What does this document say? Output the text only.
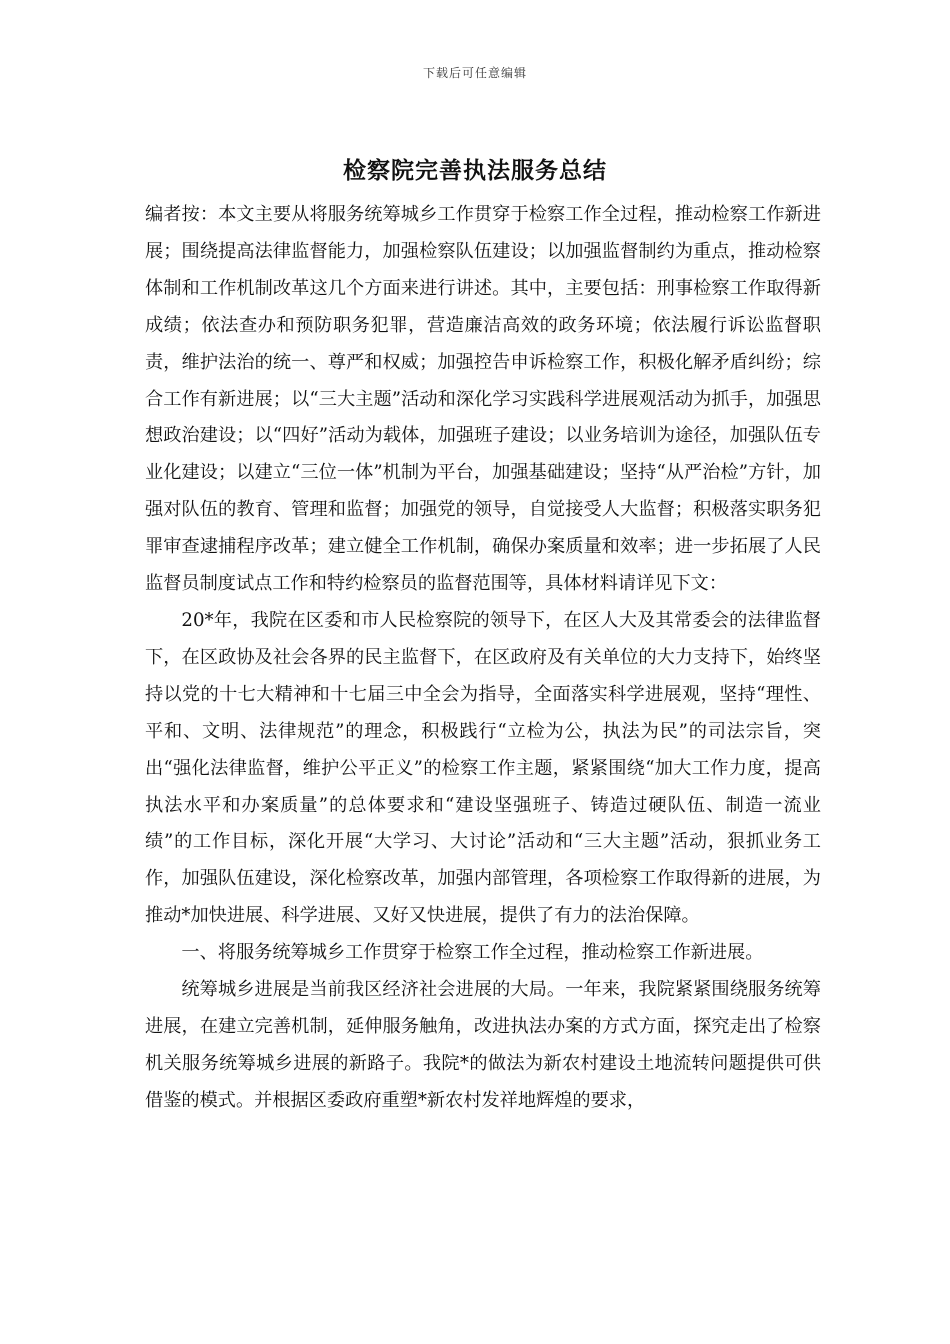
下载后可任意编辑
检察院完善执法服务总结

编者按：本文主要从将服务统筹城乡工作贯穿于检察工作全过程，推动检察工作新进展；围绕提高法律监督能力，加强检察队伍建设；以加强监督制约为重点，推动检察体制和工作机制改革这几个方面来进行讲述。其中，主要包括：刑事检察工作取得新成绩；依法查办和预防职务犯罪，营造廉洁高效的政务环境；依法履行诉讼监督职责，维护法治的统一、尊严和权威；加强控告申诉检察工作，积极化解矛盾纠纷；综合工作有新进展；以“三大主题”活动和深化学习实践科学进展观活动为抓手，加强思想政治建设；以“四好”活动为载体，加强班子建设；以业务培训为途径，加强队伍专业化建设；以建立“三位一体”机制为平台，加强基础建设；坚持“从严治检”方针，加强对队伍的教育、管理和监督；加强党的领导，自觉接受人大监督；积极落实职务犯罪审查逮捕程序改革；建立健全工作机制，确保办案质量和效率；进一步拓展了人民监督员制度试点工作和特约检察员的监督范围等，具体材料请详见下文：

20*年，我院在区委和市人民检察院的领导下，在区人大及其常委会的法律监督下，在区政协及社会各界的民主监督下，在区政府及有关单位的大力支持下，始终坚持以党的十七大精神和十七届三中全会为指导，全面落实科学进展观，坚持“理性、平和、文明、法律规范”的理念，积极践行“立检为公，执法为民”的司法宗旨，突出“强化法律监督，维护公平正义”的检察工作主题，紧紧围绕“加大工作力度，提高执法水平和办案质量”的总体要求和“建设坚强班子、铸造过硬队伍、制造一流业绩”的工作目标，深化开展“大学习、大讨论”活动和“三大主题”活动，狠抓业务工作，加强队伍建设，深化检察改革，加强内部管理，各项检察工作取得新的进展，为推动*加快进展、科学进展、又好又快进展，提供了有力的法治保障。

一、将服务统筹城乡工作贯穿于检察工作全过程，推动检察工作新进展。

统筹城乡进展是当前我区经济社会进展的大局。一年来，我院紧紧围绕服务统筹进展，在建立完善机制，延伸服务触角，改进执法办案的方式方面，探究走出了检察机关服务统筹城乡进展的新路子。我院*的做法为新农村建设土地流转问题提供可供借鉴的模式。并根据区委政府重塑*新农村发祥地辉煌的要求，
